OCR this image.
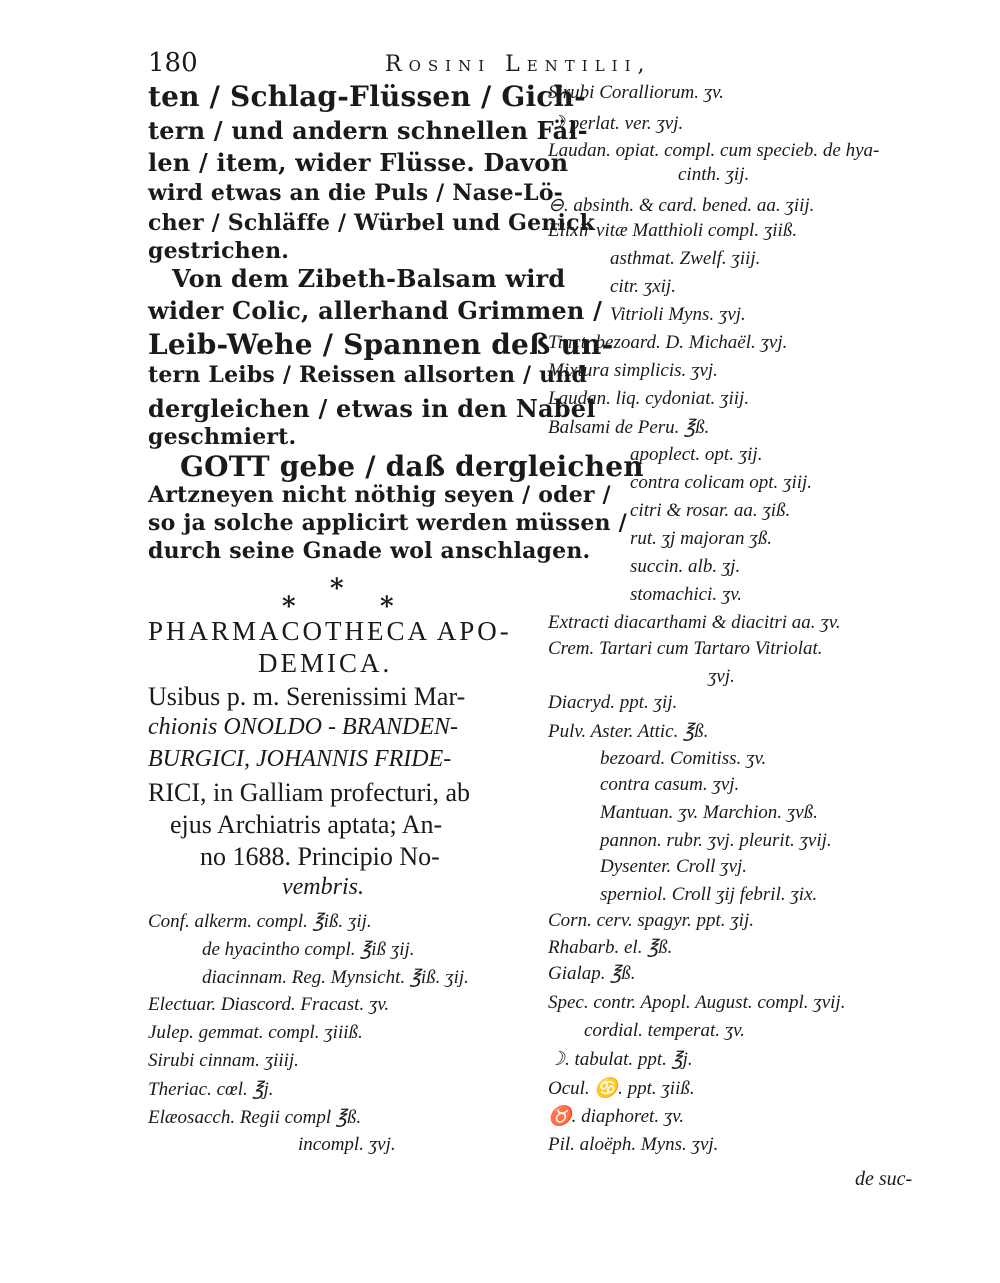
180	Rosini Lentilii,
ten / Schlag-Flüssen / Gich-
tern / und andern schnellen Fäl-
len / item, wider Flüsse. Davon
wird etwas an die Puls / Nase-Lö-
cher / Schläffe / Würbel und Genick
gestrichen.
Von dem Zibeth-Balsam wird
wider Colic, allerhand Grimmen /
Leib-Wehe / Spannen deß un-
tern Leibs / Reissen allsorten / und
dergleichen / etwas in den Nabel
geschmiert.
GOTT gebe / daß dergleichen
Artzneyen nicht nöthig seyen / oder /
so ja solche applicirt werden müssen /
durch seine Gnade wol anschlagen.
*
*	*
PHARMACOTHECA APO-
DEMICA.
Usibus p. m. Serenissimi Mar-
chionis ONOLDO - BRANDEN-
BURGICI, JOHANNIS FRIDE-
RICI, in Galliam profecturi, ab
ejus Archiatris aptata; An-
no 1688. Principio No-
vembris.
Conf. alkerm. compl. ℥iß. ʒij.
de hyacintho compl. ℥iß ʒij.
diacinnam. Reg. Mynsicht. ℥iß. ʒij.
Electuar. Diascord. Fracast. ʒv.
Julep. gemmat. compl. ʒiiiß.
Sirubi cinnam. ʒiiij.
Theriac. cœl. ℥j.
Elæosacch. Regii compl ℥ß.
incompl. ʒvj.
Sirubi Coralliorum. ʒv.
☽ perlat. ver. ʒvj.
Laudan. opiat. compl. cum specieb. de hya-
cinth. ʒij.
⊖. absinth. & card. bened. aa. ʒiij.
Elixir vitæ Matthioli compl. ʒiiß.
asthmat. Zwelf. ʒiij.
citr. ʒxij.
Vitrioli Myns. ʒvj.
Tinct. bezoard. D. Michaël. ʒvj.
Mixtura simplicis. ʒvj.
Laudan. liq. cydoniat. ʒiij.
Balsami de Peru. ℥ß.
apoplect. opt. ʒij.
contra colicam opt. ʒiij.
citri & rosar. aa. ʒiß.
rut. ʒj majoran ʒß.
succin. alb. ʒj.
stomachici. ʒv.
Extracti diacarthami & diacitri aa. ʒv.
Crem. Tartari cum Tartaro Vitriolat.
ʒvj.
Diacryd. ppt. ʒij.
Pulv. Aster. Attic. ℥ß.
bezoard. Comitiss. ʒv.
contra casum. ʒvj.
Mantuan. ʒv. Marchion. ʒvß.
pannon. rubr. ʒvj. pleurit. ʒvij.
Dysenter. Croll ʒvj.
sperniol. Croll ʒij febril. ʒix.
Corn. cerv. spagyr. ppt. ʒij.
Rhabarb. el. ℥ß.
Gialap. ℥ß.
Spec. contr. Apopl. August. compl. ʒvij.
cordial. temperat. ʒv.
☽. tabulat. ppt. ℥j.
Ocul. ♋. ppt. ʒiiß.
♉. diaphoret. ʒv.
Pil. aloëph. Myns. ʒvj.
de suc-
